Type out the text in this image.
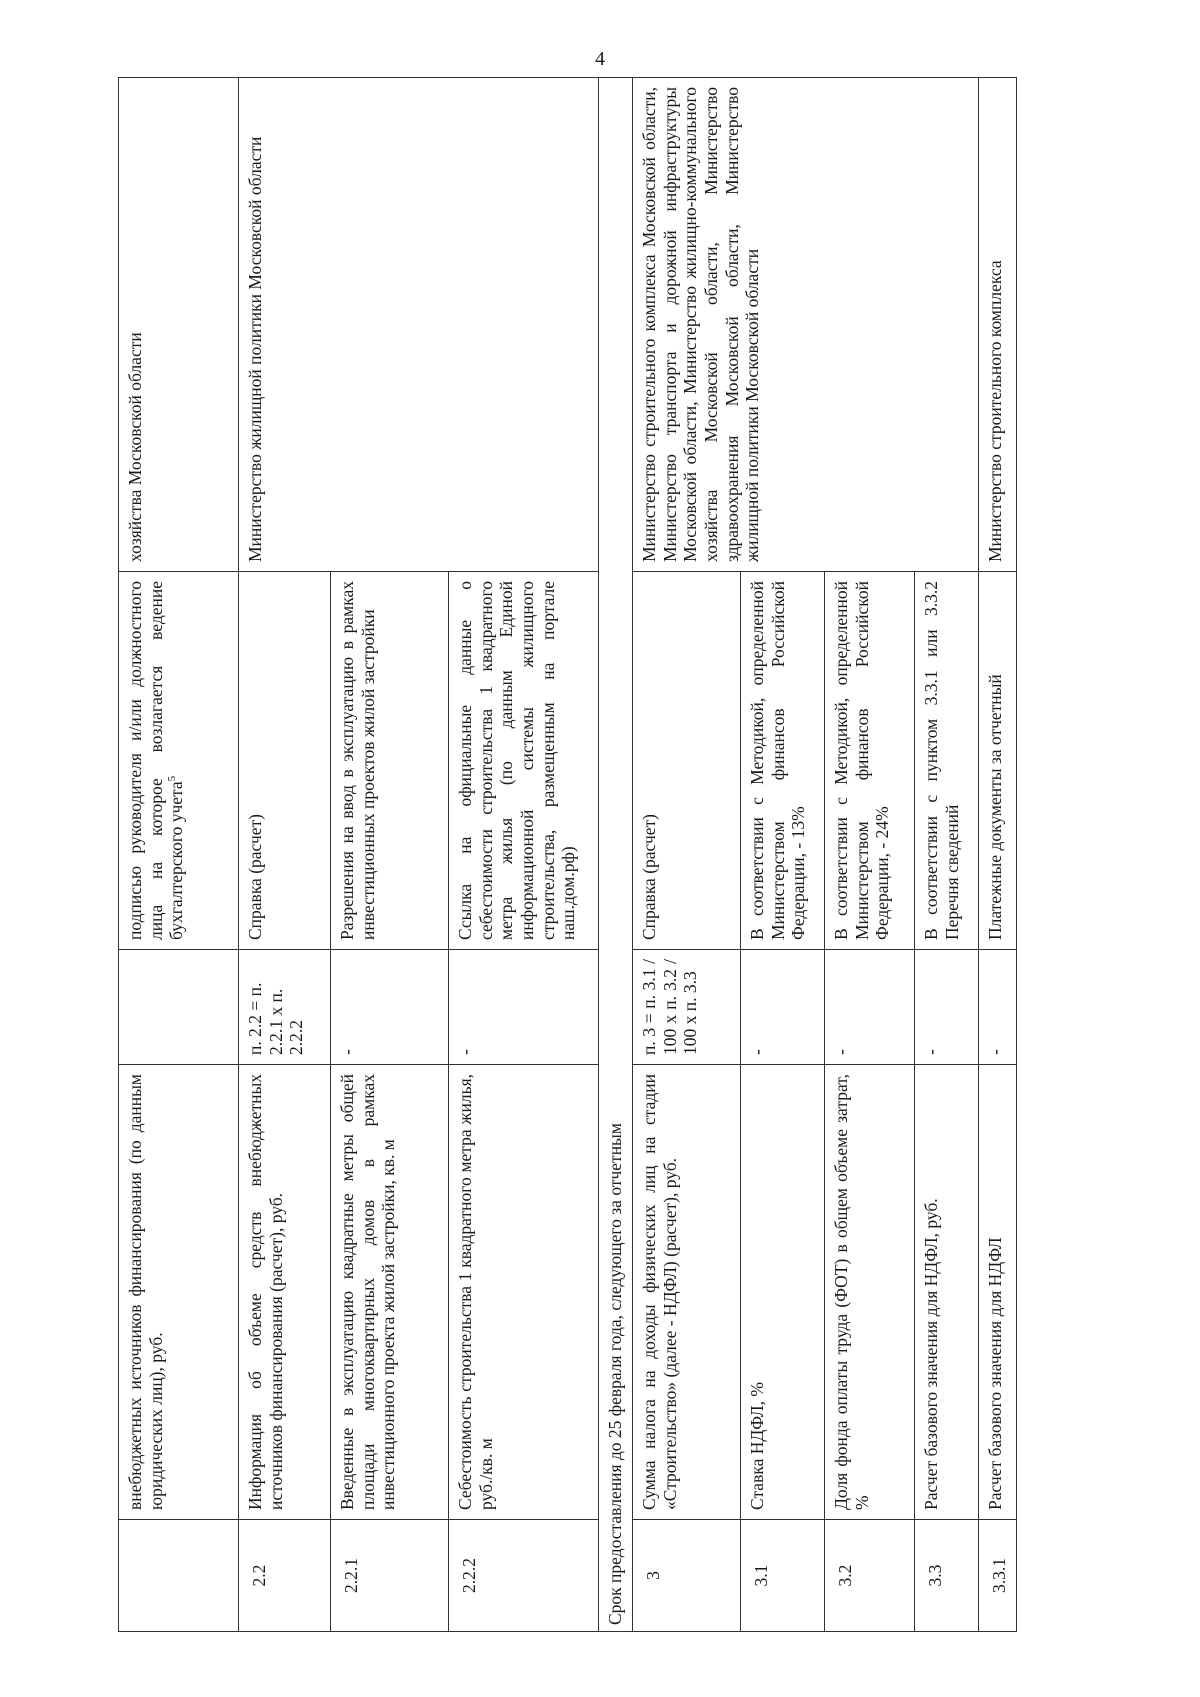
4
	внебюджетных источников финансирования (по данным юридических лиц), руб.		подписью руководителя и/или должностного лица на которое возлагается ведение бухгалтерского учета$^5$	хозяйства Московской области
2.2	Информация об объеме средств внебюджетных источников финансирования (расчет), руб.	п. 2.2 = п. 2.2.1 x п. 2.2.2	Справка (расчет)	Министерство жилищной политики Московской области
2.2.1	Введенные в эксплуатацию квадратные метры общей площади многоквартирных домов в рамках инвестиционного проекта жилой застройки, кв. м	-	Разрешения на ввод в эксплуатацию в рамках инвестиционных проектов жилой застройки	
2.2.2	Себестоимость строительства 1 квадратного метра жилья, руб./кв. м	-	Ссылка на официальные данные о себестоимости строительства 1 квадратного метра жилья (по данным Единой информационной системы жилищного строительства, размещенным на портале наш.дом.рф)	
Срок предоставления до 25 февраля года, следующего за отчетным				
3	Сумма налога на доходы физических лиц на стадии «Строительство» (далее - НДФЛ) (расчет), руб.	п. 3 = п. 3.1 / 100 x п. 3.2 / 100 x п. 3.3	Справка (расчет)	Министерство строительного комплекса Московской области, Министерство транспорта и дорожной инфраструктуры Московской области, Министерство жилищно-коммунального хозяйства Московской области, Министерство здравоохранения Московской области, Министерство жилищной политики Московской области
3.1	Ставка НДФЛ, %	-	В соответствии с Методикой, определенной Министерством финансов Российской Федерации, - 13%	
3.2	Доля фонда оплаты труда (ФОТ) в общем объеме затрат, %	-	В соответствии с Методикой, определенной Министерством финансов Российской Федерации, - 24%	
3.3	Расчет базового значения для НДФЛ, руб.	-	В соответствии с пунктом 3.3.1 или 3.3.2 Перечня сведений	
3.3.1	Расчет базового значения для НДФЛ	-	Платежные документы за отчетный	Министерство строительного комплекса
